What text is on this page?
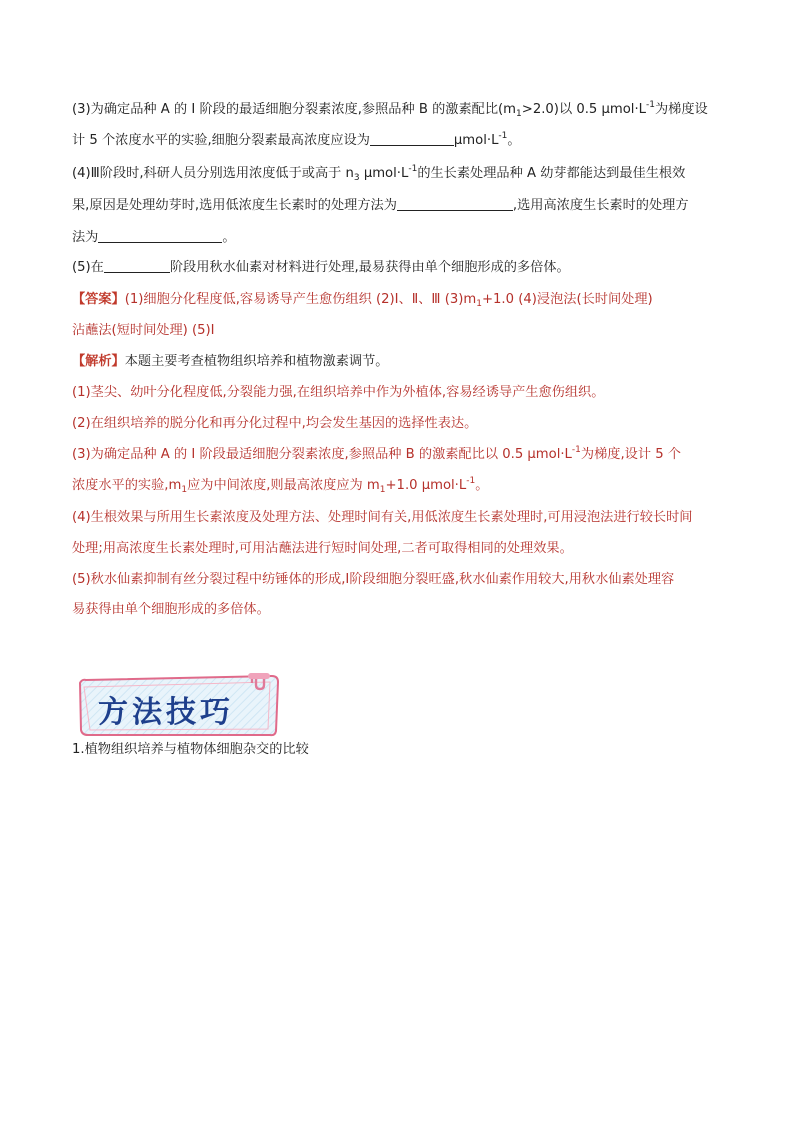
(3)为确定品种 A 的 Ⅰ 阶段的最适细胞分裂素浓度,参照品种 B 的激素配比$(m_1>2.0)$以 0.5 $\mu mol\cdot L^{-1}$为梯度设
计 5 个浓度水平的实验,细胞分裂素最高浓度应设为	$\mu mol\cdot L^{-1}$。
(4)Ⅲ阶段时,科研人员分别选用浓度低于或高于 $n_3$ $\mu mol\cdot L^{-1}$的生长素处理品种 A 幼芽都能达到最佳生根效
果,原因是处理幼芽时,选用低浓度生长素时的处理方法为	,选用高浓度生长素时的处理方
法为	。
(5)在	阶段用秋水仙素对材料进行处理,最易获得由单个细胞形成的多倍体。
【答案】(1)细胞分化程度低,容易诱导产生愈伤组织 (2)Ⅰ、Ⅱ、Ⅲ $(3)m_1+1.0$ (4)浸泡法(长时间处理)
沾蘸法(短时间处理) (5)Ⅰ
【解析】本题主要考查植物组织培养和植物激素调节。
(1)茎尖、幼叶分化程度低,分裂能力强,在组织培养中作为外植体,容易经诱导产生愈伤组织。
(2)在组织培养的脱分化和再分化过程中,均会发生基因的选择性表达。
(3)为确定品种 A 的 Ⅰ 阶段最适细胞分裂素浓度,参照品种 B 的激素配比以 0.5 $\mu mol\cdot L^{-1}$为梯度,设计 5 个
浓度水平的实验$,m_1$应为中间浓度,则最高浓度应为 $m_1+1.0$ $\mu mol\cdot L^{-1}$。
(4)生根效果与所用生长素浓度及处理方法、处理时间有关,用低浓度生长素处理时,可用浸泡法进行较长时间
处理;用高浓度生长素处理时,可用沾蘸法进行短时间处理,二者可取得相同的处理效果。
(5)秋水仙素抑制有丝分裂过程中纺锤体的形成,Ⅰ阶段细胞分裂旺盛,秋水仙素作用较大,用秋水仙素处理容
易获得由单个细胞形成的多倍体。
1.植物组织培养与植物体细胞杂交的比较
方法技巧
